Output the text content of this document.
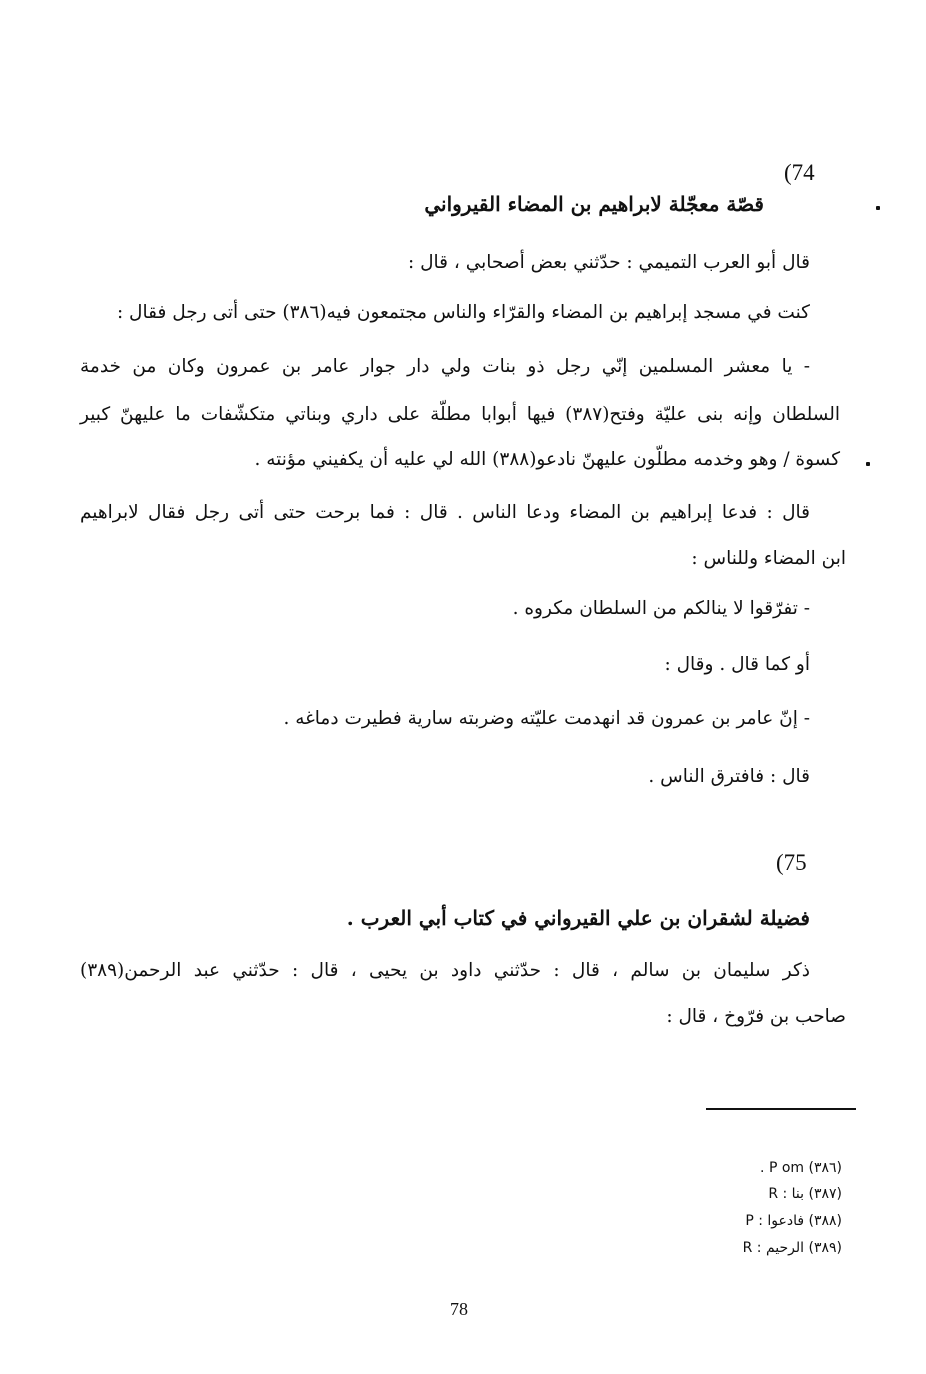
(74
قصّة معجّلة لابراهيم بن المضاء القيرواني
قال أبو العرب التميمي : حدّثني بعض أصحابي ، قال :
كنت في مسجد إبراهيم بن المضاء والقرّاء والناس مجتمعون فيه(٣٨٦) حتى أتى رجل فقال :
- يا معشر المسلمين إنّي رجل ذو بنات ولي دار جوار عامر بن عمرون وكان من خدمة
السلطان وإنه بنى عليّة وفتح(٣٨٧) فيها أبوابا مطلّة على داري وبناتي متكشّفات ما عليهنّ كبير
كسوة / وهو وخدمه مطلّون عليهنّ نادعو(٣٨٨) الله لي عليه أن يكفيني مؤنته .
قال : فدعا إبراهيم بن المضاء ودعا الناس . قال : فما برحت حتى أتى رجل فقال لابراهيم
ابن المضاء وللناس :
- تفرّقوا لا ينالكم من السلطان مكروه .
أو كما قال . وقال :
- إنّ عامر بن عمرون قد انهدمت عليّته وضربته سارية فطيرت دماغه .
قال : فافترق الناس .
(75
فضيلة لشقران بن علي القيرواني في كتاب أبي العرب .
ذكر سليمان بن سالم ، قال : حدّثني داود بن يحيى ، قال : حدّثني عبد الرحمن(٣٨٩)
صاحب بن فرّوخ ، قال :
(٣٨٦) P om .
(٣٨٧) بنا : R
(٣٨٨) فادعوا : P
(٣٨٩) الرحيم : R
78
